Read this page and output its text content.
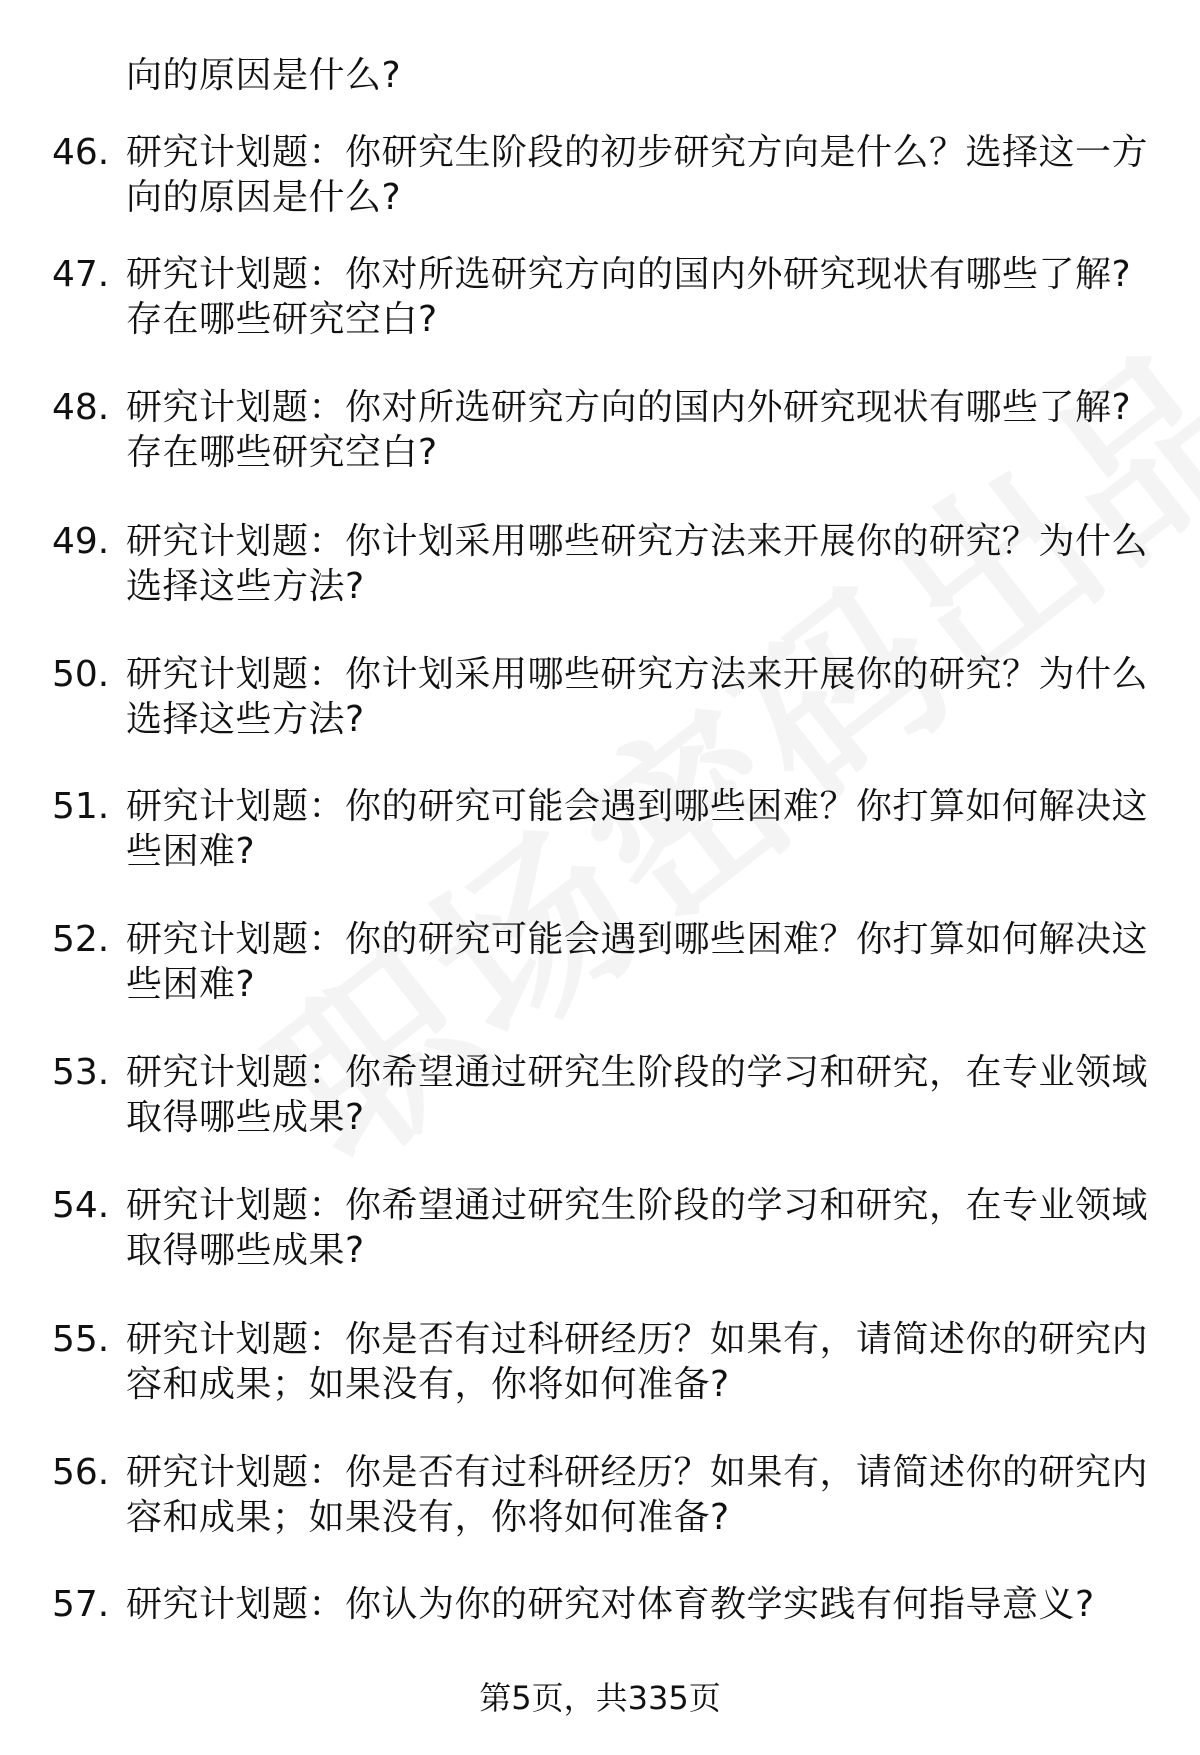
向的原因是什么?
46. 研究计划题：你研究生阶段的初步研究方向是什么？选择这一方
向的原因是什么?
47. 研究计划题：你对所选研究方向的国内外研究现状有哪些了解?
存在哪些研究空白?
48. 研究计划题：你对所选研究方向的国内外研究现状有哪些了解?
存在哪些研究空白?
49. 研究计划题：你计划采用哪些研究方法来开展你的研究？为什么
选择这些方法?
50. 研究计划题：你计划采用哪些研究方法来开展你的研究？为什么
选择这些方法?
51. 研究计划题：你的研究可能会遇到哪些困难？你打算如何解决这
些困难?
52. 研究计划题：你的研究可能会遇到哪些困难？你打算如何解决这
些困难?
53. 研究计划题：你希望通过研究生阶段的学习和研究，在专业领域
取得哪些成果?
54. 研究计划题：你希望通过研究生阶段的学习和研究，在专业领域
取得哪些成果?
55. 研究计划题：你是否有过科研经历？如果有，请简述你的研究内
容和成果；如果没有，你将如何准备?
56. 研究计划题：你是否有过科研经历？如果有，请简述你的研究内
容和成果；如果没有，你将如何准备?
57. 研究计划题：你认为你的研究对体育教学实践有何指导意义?
第5页，共335页
